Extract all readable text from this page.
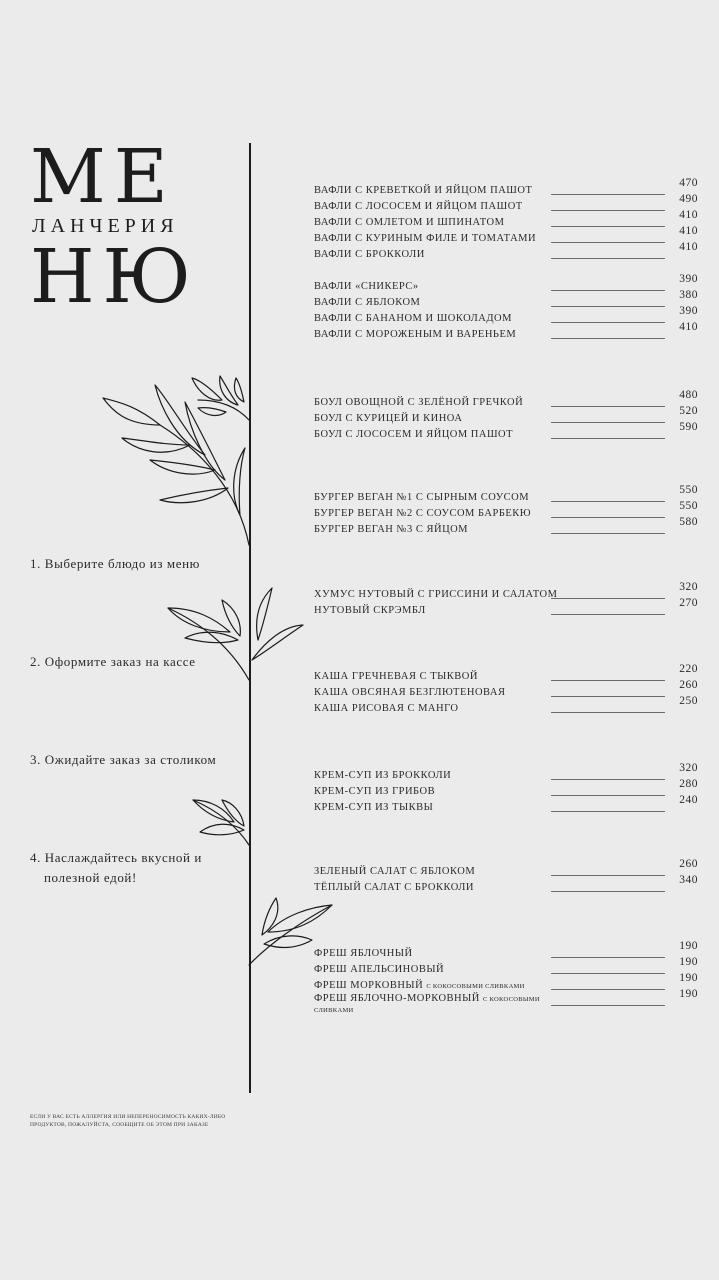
МЕ

ЛАНЧЕРИЯ

НЮ

1. Выберите блюдо из меню

2. Оформите заказ на кассе

3. Ожидайте заказ за столиком

4. Наслаждайтесь вкусной и
полезной едой!

ВАФЛИ С КРЕВЕТКОЙ И ЯЙЦОМ ПАШОТ
470
ВАФЛИ С ЛОСОСЕМ И ЯЙЦОМ ПАШОТ
490
ВАФЛИ С ОМЛЕТОМ И ШПИНАТОМ
410
ВАФЛИ С КУРИНЫМ ФИЛЕ И ТОМАТАМИ
410
ВАФЛИ С БРОККОЛИ
410
ВАФЛИ «СНИКЕРС»
390
ВАФЛИ С ЯБЛОКОМ
380
ВАФЛИ С БАНАНОМ И ШОКОЛАДОМ
390
ВАФЛИ С МОРОЖЕНЫМ И ВАРЕНЬЕМ
410
БОУЛ ОВОЩНОЙ С ЗЕЛЁНОЙ ГРЕЧКОЙ
480
БОУЛ С КУРИЦЕЙ И КИНОА
520
БОУЛ С ЛОСОСЕМ И ЯЙЦОМ ПАШОТ
590
БУРГЕР ВЕГАН №1 С СЫРНЫМ СОУСОМ
550
БУРГЕР ВЕГАН №2 С СОУСОМ БАРБЕКЮ
550
БУРГЕР ВЕГАН №3 С ЯЙЦОМ
580
ХУМУС НУТОВЫЙ С ГРИССИНИ И САЛАТОМ
320
НУТОВЫЙ СКРЭМБЛ
270
КАША ГРЕЧНЕВАЯ С ТЫКВОЙ
220
КАША ОВСЯНАЯ БЕЗГЛЮТЕНОВАЯ
260
КАША РИСОВАЯ С МАНГО
250
КРЕМ-СУП ИЗ БРОККОЛИ
320
КРЕМ-СУП ИЗ ГРИБОВ
280
КРЕМ-СУП ИЗ ТЫКВЫ
240
ЗЕЛЕНЫЙ САЛАТ С ЯБЛОКОМ
260
ТЁПЛЫЙ САЛАТ С БРОККОЛИ
340
ФРЕШ ЯБЛОЧНЫЙ
190
ФРЕШ АПЕЛЬСИНОВЫЙ
190
ФРЕШ МОРКОВНЫЙ С КОКОСОВЫМИ СЛИВКАМИ
190
ФРЕШ ЯБЛОЧНО-МОРКОВНЫЙ С КОКОСОВЫМИ СЛИВКАМИ
190

ЕСЛИ У ВАС ЕСТЬ АЛЛЕРГИЯ ИЛИ НЕПЕРЕНОСИМОСТЬ КАКИХ-ЛИБО ПРОДУКТОВ, ПОЖАЛУЙСТА, СООБЩИТЕ ОБ ЭТОМ ПРИ ЗАКАЗЕ
